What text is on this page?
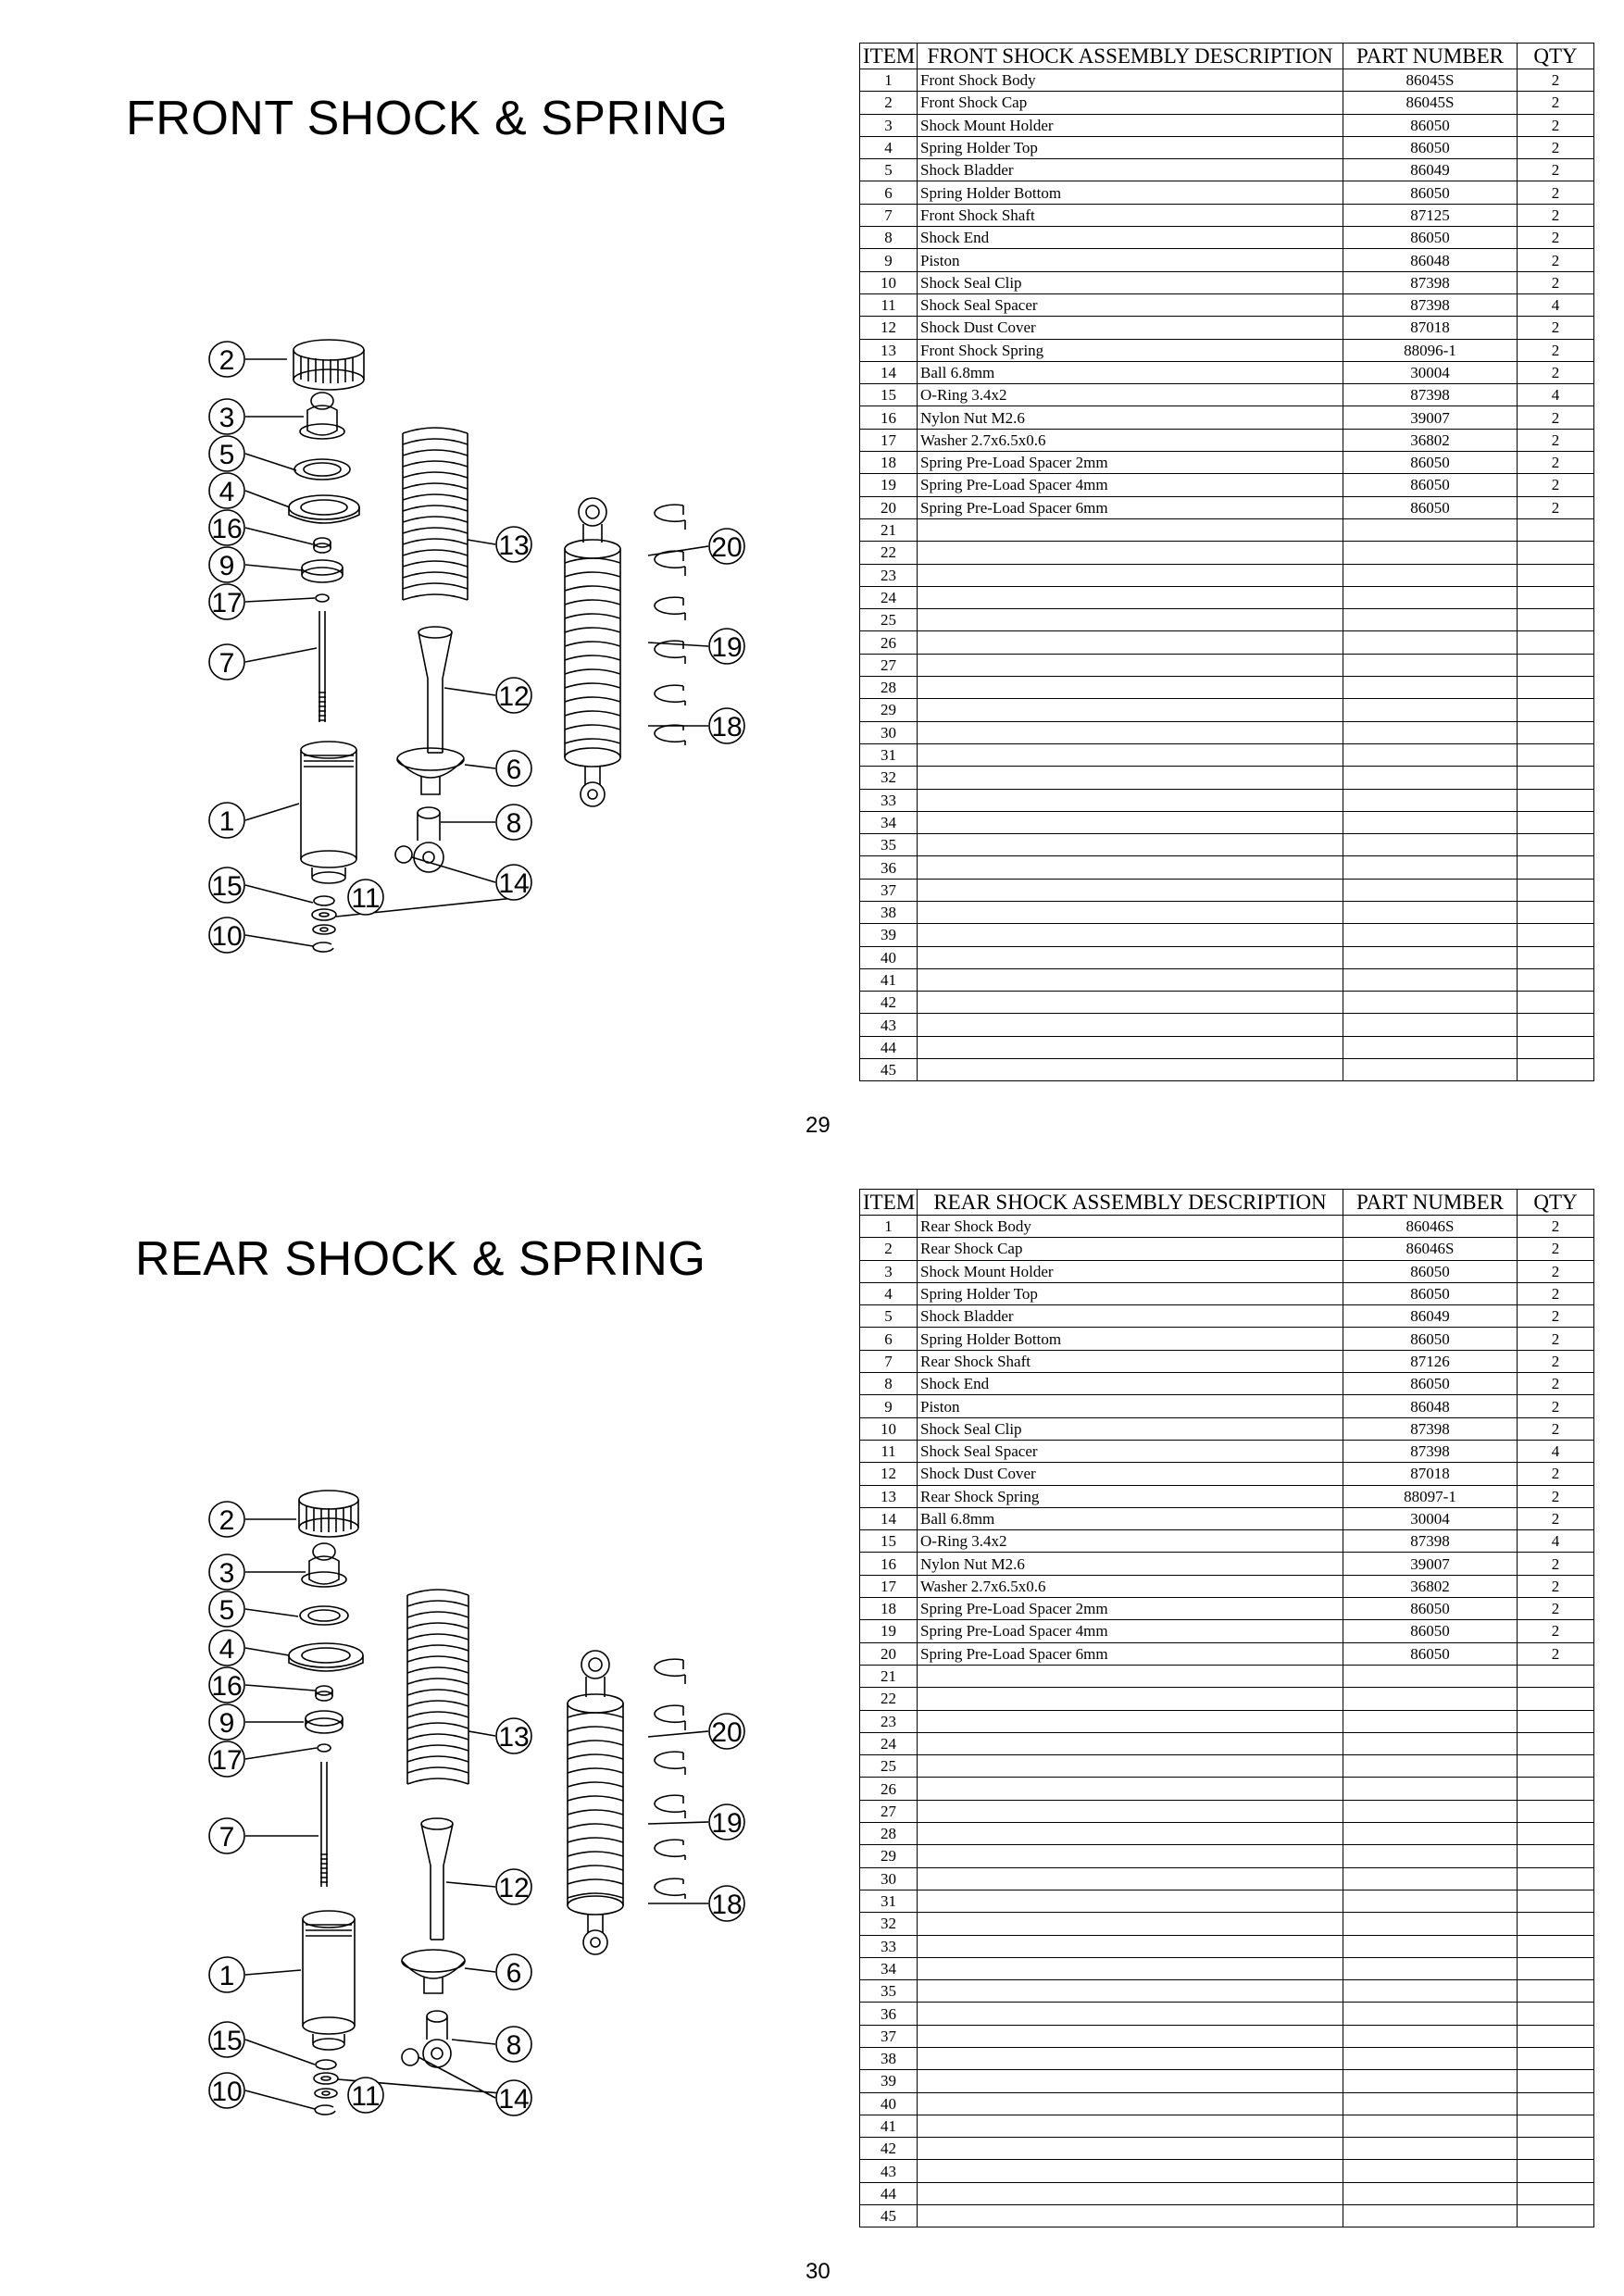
FRONT SHOCK & SPRING
29
2
3
5
4
16
9
17
7
1
15
10
13
12
6
8
14
11
20
19
18
ITEM	FRONT SHOCK ASSEMBLY DESCRIPTION	PART NUMBER	QTY
1	Front Shock Body	86045S	2
2	Front Shock Cap	86045S	2
3	Shock Mount Holder	86050	2
4	Spring Holder Top	86050	2
5	Shock Bladder	86049	2
6	Spring Holder Bottom	86050	2
7	Front Shock Shaft	87125	2
8	Shock End	86050	2
9	Piston	86048	2
10	Shock Seal Clip	87398	2
11	Shock Seal Spacer	87398	4
12	Shock Dust Cover	87018	2
13	Front Shock Spring	88096-1	2
14	Ball 6.8mm	30004	2
15	O-Ring 3.4x2	87398	4
16	Nylon Nut M2.6	39007	2
17	Washer 2.7x6.5x0.6	36802	2
18	Spring Pre-Load Spacer 2mm	86050	2
19	Spring Pre-Load Spacer 4mm	86050	2
20	Spring Pre-Load Spacer 6mm	86050	2
21			
22			
23			
24			
25			
26			
27			
28			
29			
30			
31			
32			
33			
34			
35			
36			
37			
38			
39			
40			
41			
42			
43			
44			
45			
REAR SHOCK & SPRING
30
2
3
5
4
16
9
17
7
1
15
10
13
12
6
8
14
11
20
19
18
ITEM	REAR SHOCK ASSEMBLY DESCRIPTION	PART NUMBER	QTY
1	Rear Shock Body	86046S	2
2	Rear Shock Cap	86046S	2
3	Shock Mount Holder	86050	2
4	Spring Holder Top	86050	2
5	Shock Bladder	86049	2
6	Spring Holder Bottom	86050	2
7	Rear Shock Shaft	87126	2
8	Shock End	86050	2
9	Piston	86048	2
10	Shock Seal Clip	87398	2
11	Shock Seal Spacer	87398	4
12	Shock Dust Cover	87018	2
13	Rear Shock Spring	88097-1	2
14	Ball 6.8mm	30004	2
15	O-Ring 3.4x2	87398	4
16	Nylon Nut M2.6	39007	2
17	Washer 2.7x6.5x0.6	36802	2
18	Spring Pre-Load Spacer 2mm	86050	2
19	Spring Pre-Load Spacer 4mm	86050	2
20	Spring Pre-Load Spacer 6mm	86050	2
21			
22			
23			
24			
25			
26			
27			
28			
29			
30			
31			
32			
33			
34			
35			
36			
37			
38			
39			
40			
41			
42			
43			
44			
45			
